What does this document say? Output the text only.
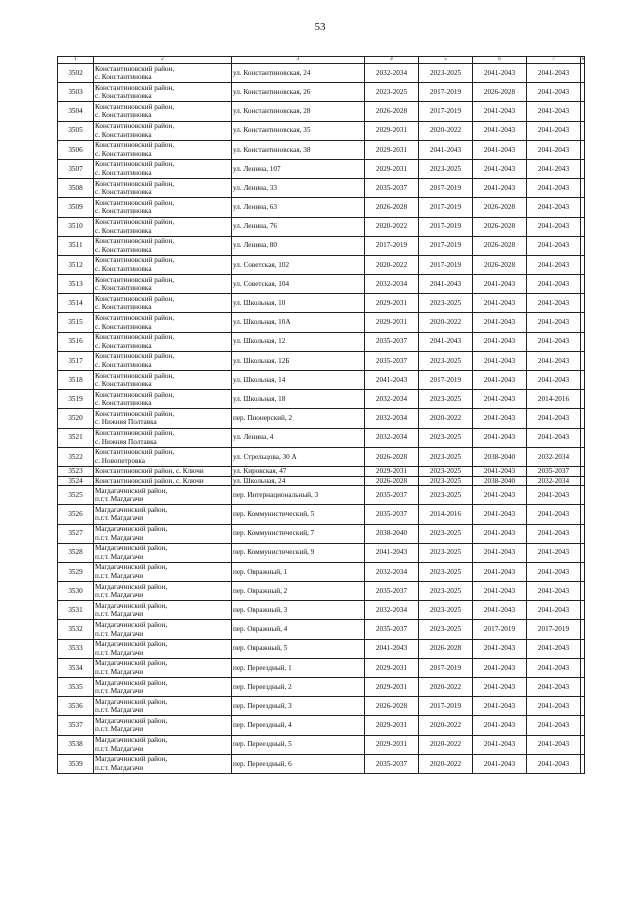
53
1	2	3	4	5	6	7	8
3502	Константиновский район,
с. Константиновка	ул. Константиновская, 24	2032-2034	2023-2025	2041-2043	2041-2043	
3503	Константиновский район,
с. Константиновка	ул. Константиновская, 26	2023-2025	2017-2019	2026-2028	2041-2043	
3504	Константиновский район,
с. Константиновка	ул. Константиновская, 28	2026-2028	2017-2019	2041-2043	2041-2043	
3505	Константиновский район,
с. Константиновка	ул. Константиновская, 35	2029-2031	2020-2022	2041-2043	2041-2043	
3506	Константиновский район,
с. Константиновка	ул. Константиновская, 38	2029-2031	2041-2043	2041-2043	2041-2043	
3507	Константиновский район,
с. Константиновка	ул. Ленина, 107	2029-2031	2023-2025	2041-2043	2041-2043	
3508	Константиновский район,
с. Константиновка	ул. Ленина, 33	2035-2037	2017-2019	2041-2043	2041-2043	
3509	Константиновский район,
с. Константиновка	ул. Ленина, 63	2026-2028	2017-2019	2026-2028	2041-2043	
3510	Константиновский район,
с. Константиновка	ул. Ленина, 76	2020-2022	2017-2019	2026-2028	2041-2043	
3511	Константиновский район,
с. Константиновка	ул. Ленина, 80	2017-2019	2017-2019	2026-2028	2041-2043	
3512	Константиновский район,
с. Константиновка	ул. Советская, 102	2020-2022	2017-2019	2026-2028	2041-2043	
3513	Константиновский район,
с. Константиновка	ул. Советская, 104	2032-2034	2041-2043	2041-2043	2041-2043	
3514	Константиновский район,
с. Константиновка	ул. Школьная, 10	2029-2031	2023-2025	2041-2043	2041-2043	
3515	Константиновский район,
с. Константиновка	ул. Школьная, 10А	2029-2031	2020-2022	2041-2043	2041-2043	
3516	Константиновский район,
с. Константиновка	ул. Школьная, 12	2035-2037	2041-2043	2041-2043	2041-2043	
3517	Константиновский район,
с. Константиновка	ул. Школьная, 12Б	2035-2037	2023-2025	2041-2043	2041-2043	
3518	Константиновский район,
с. Константиновка	ул. Школьная, 14	2041-2043	2017-2019	2041-2043	2041-2043	
3519	Константиновский район,
с. Константиновка	ул. Школьная, 18	2032-2034	2023-2025	2041-2043	2014-2016	
3520	Константиновский район,
с. Нижняя Полтавка	пер. Пионерский, 2	2032-2034	2020-2022	2041-2043	2041-2043	
3521	Константиновский район,
с. Нижняя Полтавка	ул. Ленина, 4	2032-2034	2023-2025	2041-2043	2041-2043	
3522	Константиновский район,
с. Новопетровка	ул. Стрельцова, 30 А	2026-2028	2023-2025	2038-2040	2032-2034	
3523	Константиновский район, с. Ключи	ул. Кировская, 47	2029-2031	2023-2025	2041-2043	2035-2037	
3524	Константиновский район, с. Ключи	ул. Школьная, 24	2026-2028	2023-2025	2038-2040	2032-2034	
3525	Магдагачинский район,
п.г.т. Магдагачи	пер. Интернациональный, 3	2035-2037	2023-2025	2041-2043	2041-2043	
3526	Магдагачинский район,
п.г.т. Магдагачи	пер. Коммунистический, 5	2035-2037	2014-2016	2041-2043	2041-2043	
3527	Магдагачинский район,
п.г.т. Магдагачи	пер. Коммунистический, 7	2038-2040	2023-2025	2041-2043	2041-2043	
3528	Магдагачинский район,
п.г.т. Магдагачи	пер. Коммунистический, 9	2041-2043	2023-2025	2041-2043	2041-2043	
3529	Магдагачинский район,
п.г.т. Магдагачи	пер. Овражный, 1	2032-2034	2023-2025	2041-2043	2041-2043	
3530	Магдагачинский район,
п.г.т. Магдагачи	пер. Овражный, 2	2035-2037	2023-2025	2041-2043	2041-2043	
3531	Магдагачинский район,
п.г.т. Магдагачи	пер. Овражный, 3	2032-2034	2023-2025	2041-2043	2041-2043	
3532	Магдагачинский район,
п.г.т. Магдагачи	пер. Овражный, 4	2035-2037	2023-2025	2017-2019	2017-2019	
3533	Магдагачинский район,
п.г.т. Магдагачи	пер. Овражный, 5	2041-2043	2026-2028	2041-2043	2041-2043	
3534	Магдагачинский район,
п.г.т. Магдагачи	пер. Переездный, 1	2029-2031	2017-2019	2041-2043	2041-2043	
3535	Магдагачинский район,
п.г.т. Магдагачи	пер. Переездный, 2	2029-2031	2020-2022	2041-2043	2041-2043	
3536	Магдагачинский район,
п.г.т. Магдагачи	пер. Переездный, 3	2026-2028	2017-2019	2041-2043	2041-2043	
3537	Магдагачинский район,
п.г.т. Магдагачи	пер. Переездный, 4	2029-2031	2020-2022	2041-2043	2041-2043	
3538	Магдагачинский район,
п.г.т. Магдагачи	пер. Переездный, 5	2029-2031	2020-2022	2041-2043	2041-2043	
3539	Магдагачинский район,
п.г.т. Магдагачи	пер. Переездный, 6	2035-2037	2020-2022	2041-2043	2041-2043	
